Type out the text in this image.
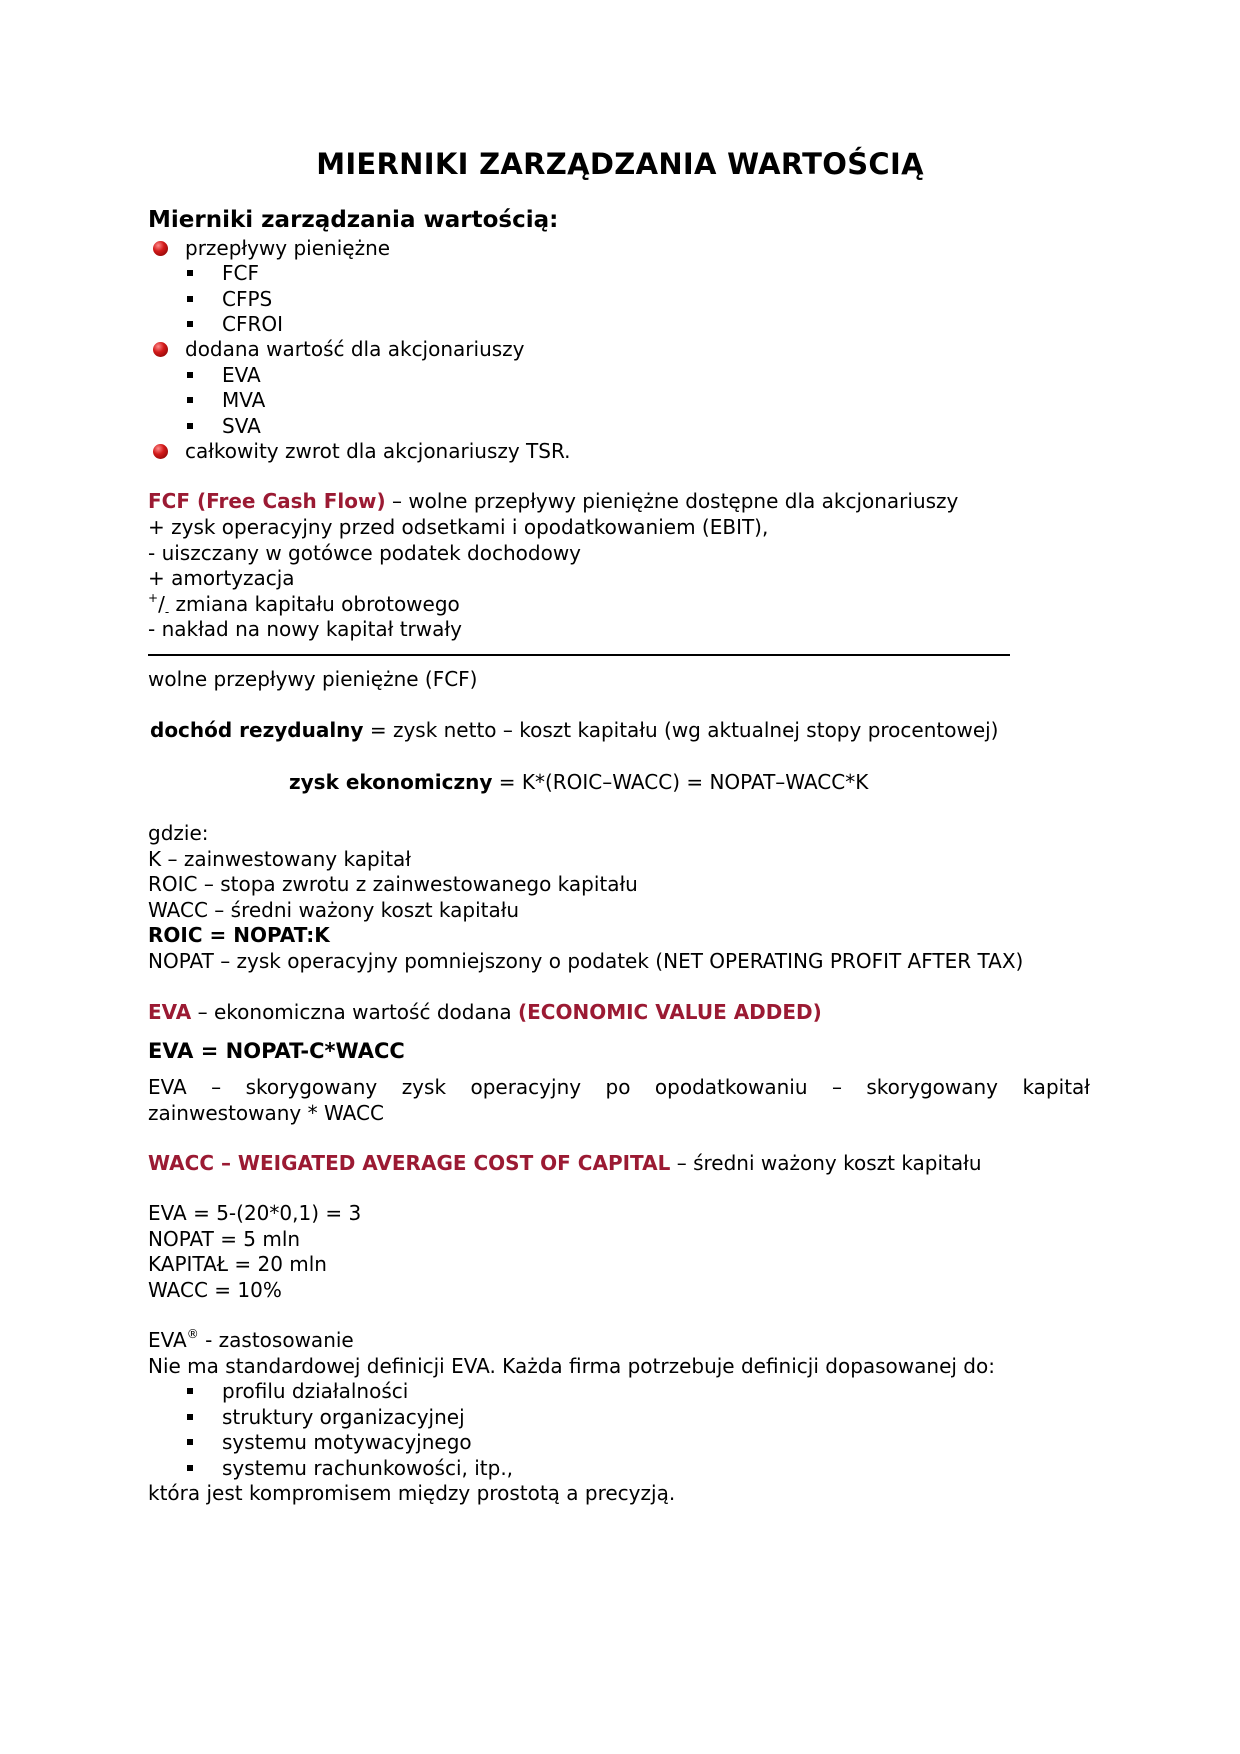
MIERNIKI ZARZĄDZANIA WARTOŚCIĄ
Mierniki zarządzania wartością:
przepływy pieniężne
FCF
CFPS
CFROI
dodana wartość dla akcjonariuszy
EVA
MVA
SVA
całkowity zwrot dla akcjonariuszy TSR.
FCF (Free Cash Flow) – wolne przepływy pieniężne dostępne dla akcjonariuszy
+ zysk operacyjny przed odsetkami i opodatkowaniem (EBIT),
- uiszczany w gotówce podatek dochodowy
+ amortyzacja
$^+/_-$ zmiana kapitału obrotowego
- nakład na nowy kapitał trwały
wolne przepływy pieniężne (FCF)
dochód rezydualny = zysk netto – koszt kapitału (wg aktualnej stopy procentowej)
zysk ekonomiczny = K*(ROIC–WACC) = NOPAT–WACC*K
gdzie:
K – zainwestowany kapitał
ROIC – stopa zwrotu z zainwestowanego kapitału
WACC – średni ważony koszt kapitału
ROIC = NOPAT:K
NOPAT – zysk operacyjny pomniejszony o podatek (NET OPERATING PROFIT AFTER TAX)
EVA – ekonomiczna wartość dodana (ECONOMIC VALUE ADDED)
EVA = NOPAT-C*WACC
EVA – skorygowany zysk operacyjny po opodatkowaniu – skorygowany kapitał
zainwestowany * WACC
WACC – WEIGATED AVERAGE COST OF CAPITAL – średni ważony koszt kapitału
EVA = 5-(20*0,1) = 3
NOPAT = 5 mln
KAPITAŁ = 20 mln
WACC = 10%
EVA® - zastosowanie
Nie ma standardowej definicji EVA. Każda firma potrzebuje definicji dopasowanej do:
profilu działalności
struktury organizacyjnej
systemu motywacyjnego
systemu rachunkowości, itp.,
która jest kompromisem między prostotą a precyzją.
